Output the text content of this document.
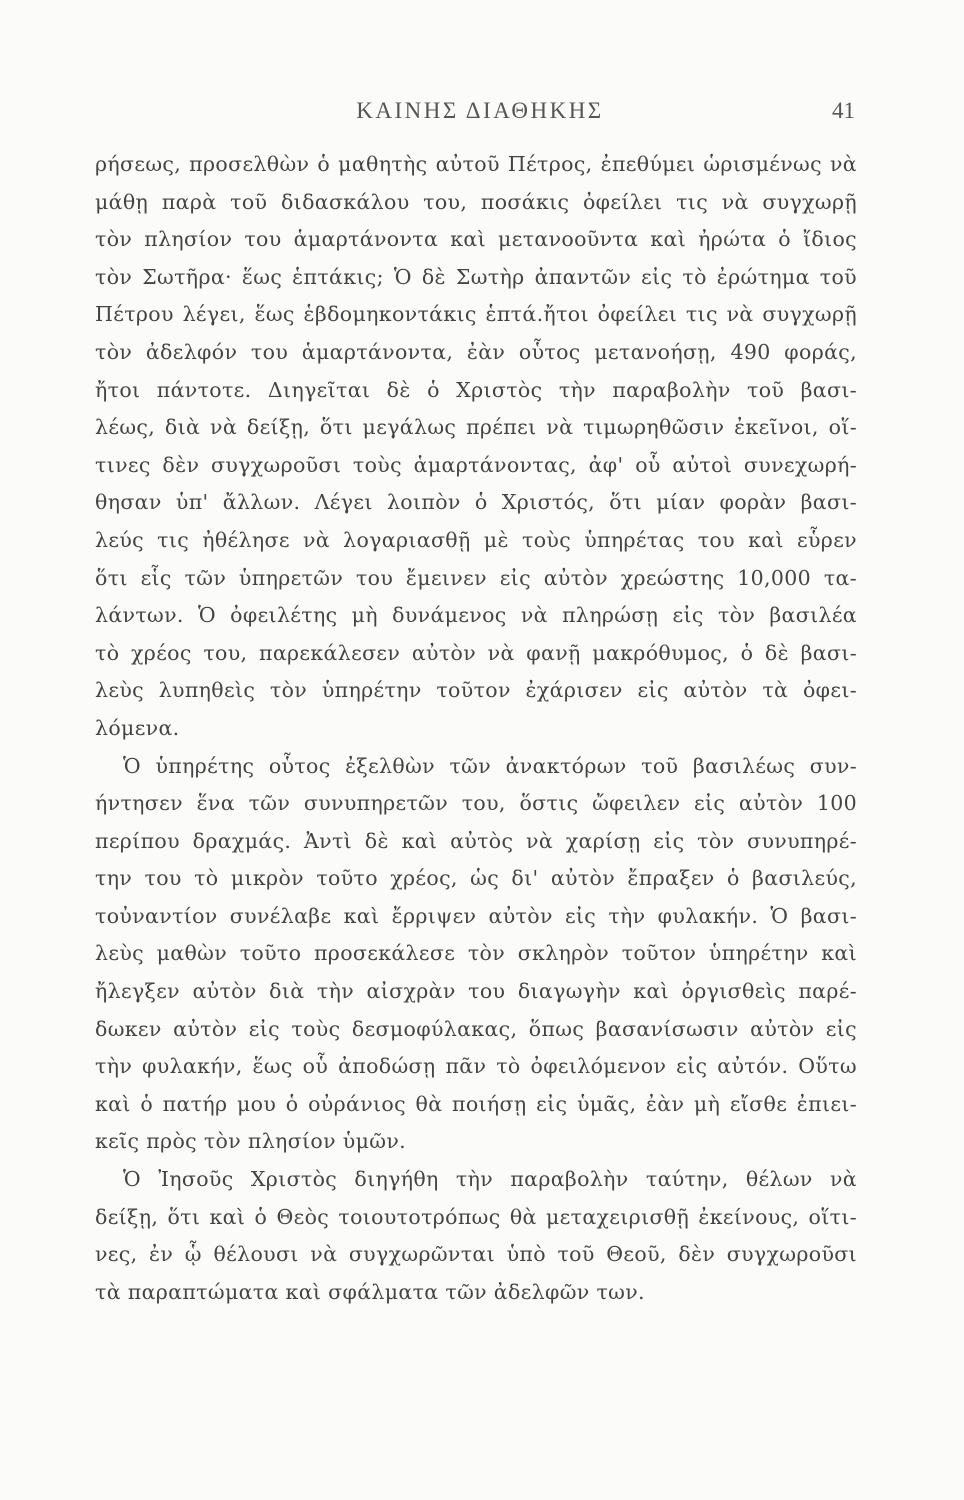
ΚΑΙΝΗΣ ΔΙΑΘΗΚΗΣ	41
ρήσεως, προσελθὼν ὁ μαθητὴς αὐτοῦ Πέτρος, ἐπεθύμει ὡρισμένως νὰ
μάθῃ παρὰ τοῦ διδασκάλου του, ποσάκις ὀφείλει τις νὰ συγχωρῇ
τὸν πλησίον του ἁμαρτάνοντα καὶ μετανοοῦντα καὶ ἠρώτα ὁ ἴδιος
τὸν Σωτῆρα· ἕως ἑπτάκις; Ὁ δὲ Σωτὴρ ἀπαντῶν εἰς τὸ ἐρώτημα τοῦ
Πέτρου λέγει, ἕως ἑβδομηκοντάκις ἑπτά.ἤτοι ὀφείλει τις νὰ συγχωρῇ
τὸν ἀδελφόν του ἁμαρτάνοντα, ἐὰν οὗτος μετανοήσῃ, 490 φοράς,
ἤτοι πάντοτε. Διηγεῖται δὲ ὁ Χριστὸς τὴν παραβολὴν τοῦ βασι-
λέως, διὰ νὰ δείξῃ, ὅτι μεγάλως πρέπει νὰ τιμωρηθῶσιν ἐκεῖνοι, οἵ-
τινες δὲν συγχωροῦσι τοὺς ἁμαρτάνοντας, ἀφ' οὗ αὐτοὶ συνεχωρή-
θησαν ὑπ' ἄλλων. Λέγει λοιπὸν ὁ Χριστός, ὅτι μίαν φορὰν βασι-
λεύς τις ἠθέλησε νὰ λογαριασθῇ μὲ τοὺς ὑπηρέτας του καὶ εὗρεν
ὅτι εἷς τῶν ὑπηρετῶν του ἔμεινεν εἰς αὐτὸν χρεώστης 10,000 τα-
λάντων. Ὁ ὀφειλέτης μὴ δυνάμενος νὰ πληρώσῃ εἰς τὸν βασιλέα
τὸ χρέος του, παρεκάλεσεν αὐτὸν νὰ φανῇ μακρόθυμος, ὁ δὲ βασι-
λεὺς λυπηθεὶς τὸν ὑπηρέτην τοῦτον ἐχάρισεν εἰς αὐτὸν τὰ ὀφει-
λόμενα.
Ὁ ὑπηρέτης οὗτος ἐξελθὼν τῶν ἀνακτόρων τοῦ βασιλέως συν-
ήντησεν ἕνα τῶν συνυπηρετῶν του, ὅστις ὤφειλεν εἰς αὐτὸν 100
περίπου δραχμάς. Ἀντὶ δὲ καὶ αὐτὸς νὰ χαρίσῃ εἰς τὸν συνυπηρέ-
την του τὸ μικρὸν τοῦτο χρέος, ὡς δι' αὐτὸν ἔπραξεν ὁ βασιλεύς,
τοὐναντίον συνέλαβε καὶ ἔρριψεν αὐτὸν εἰς τὴν φυλακήν. Ὁ βασι-
λεὺς μαθὼν τοῦτο προσεκάλεσε τὸν σκληρὸν τοῦτον ὑπηρέτην καὶ
ἤλεγξεν αὐτὸν διὰ τὴν αἰσχρὰν του διαγωγὴν καὶ ὀργισθεὶς παρέ-
δωκεν αὐτὸν εἰς τοὺς δεσμοφύλακας, ὅπως βασανίσωσιν αὐτὸν εἰς
τὴν φυλακήν, ἕως οὗ ἀποδώσῃ πᾶν τὸ ὀφειλόμενον εἰς αὐτόν. Οὕτω
καὶ ὁ πατήρ μου ὁ οὐράνιος θὰ ποιήσῃ εἰς ὑμᾶς, ἐὰν μὴ εἴσθε ἐπιει-
κεῖς πρὸς τὸν πλησίον ὑμῶν.
Ὁ Ἰησοῦς Χριστὸς διηγήθη τὴν παραβολὴν ταύτην, θέλων νὰ
δείξῃ, ὅτι καὶ ὁ Θεὸς τοιουτοτρόπως θὰ μεταχειρισθῇ ἐκείνους, οἵτι-
νες, ἐν ᾧ θέλουσι νὰ συγχωρῶνται ὑπὸ τοῦ Θεοῦ, δὲν συγχωροῦσι
τὰ παραπτώματα καὶ σφάλματα τῶν ἀδελφῶν των.
